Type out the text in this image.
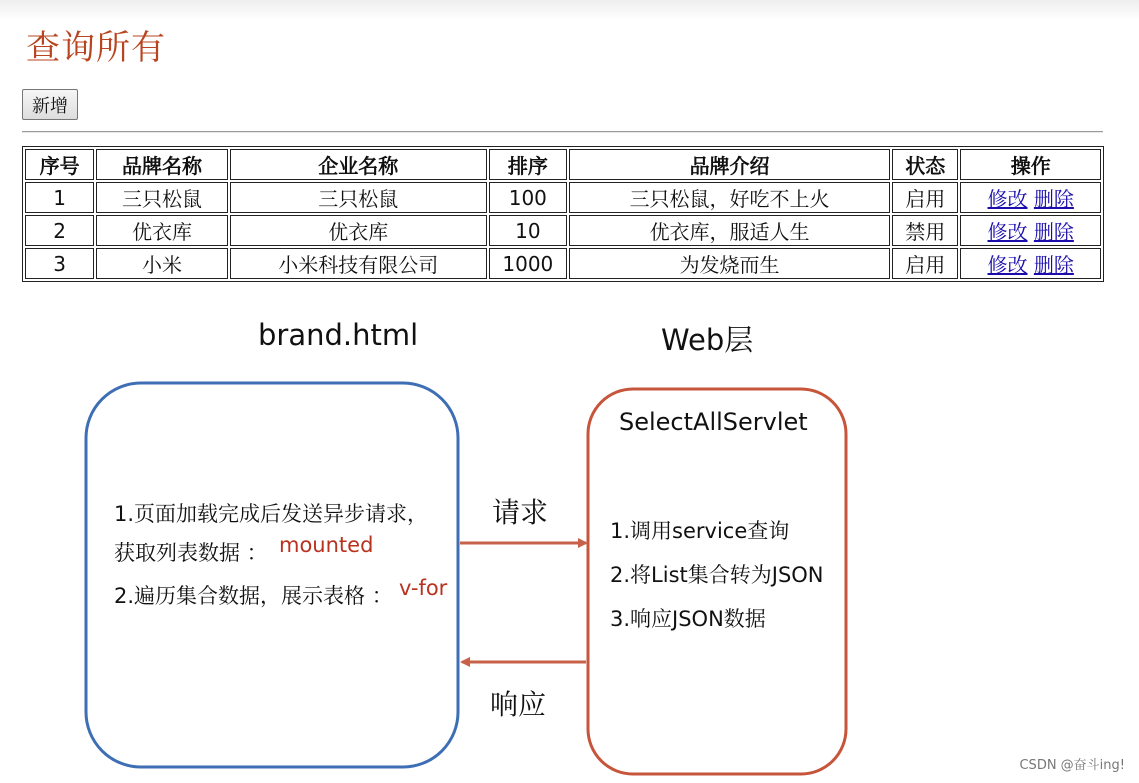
查询所有
新增
序号	品牌名称	企业名称	排序	品牌介绍	状态	操作
1	三只松鼠	三只松鼠	100	三只松鼠，好吃不上火	启用	修改 删除
2	优衣库	优衣库	10	优衣库，服适人生	禁用	修改 删除
3	小米	小米科技有限公司	1000	为发烧而生	启用	修改 删除
brand.html	Web层
1.页面加载完成后发送异步请求，
获取列表数据 ： mounted
2.遍历集合数据，展示表格 ： v-for
SelectAllServlet
1.调用service查询
2.将List集合转为JSON
3.响应JSON数据
请求
响应
CSDN @奋斗ing!
